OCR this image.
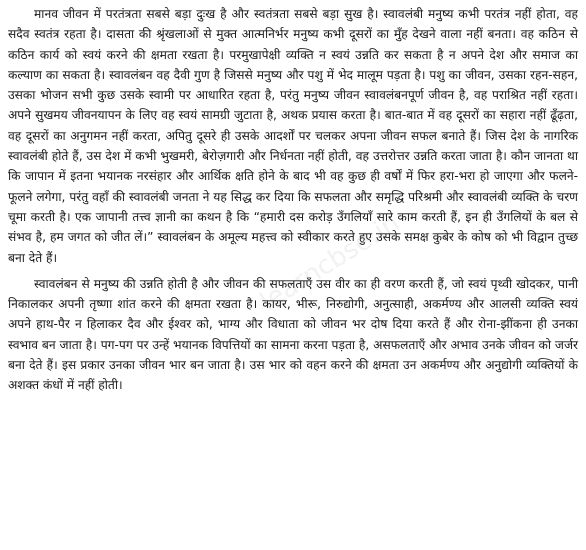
मानव जीवन में परतंत्रता सबसे बड़ा दुःख है और स्वतंत्रता सबसे बड़ा सुख है। स्वावलंबी मनुष्य कभी परतंत्र नहीं होता, वह सदैव स्वतंत्र रहता है। दासता की श्रृंखलाओं से मुक्त आत्मनिर्भर मनुष्य कभी दूसरों का मुँह देखने वाला नहीं बनता। वह कठिन से कठिन कार्य को स्वयं करने की क्षमता रखता है। परमुखापेक्षी व्यक्ति न स्वयं उन्नति कर सकता है न अपने देश और समाज का कल्याण का सकता है। स्वावलंबन वह दैवी गुण है जिससे मनुष्य और पशु में भेद मालूम पड़ता है। पशु का जीवन, उसका रहन-सहन, उसका भोजन सभी कुछ उसके स्वामी पर आधारित रहता है, परंतु मनुष्य जीवन स्वावलंबनपूर्ण जीवन है, वह पराश्रित नहीं रहता। अपने सुखमय जीवनयापन के लिए वह स्वयं सामग्री जुटाता है, अथक प्रयास करता है। बात-बात में वह दूसरों का सहारा नहीं ढूँढ़ता, वह दूसरों का अनुगमन नहीं करता, अपितु दूसरे ही उसके आदर्शों पर चलकर अपना जीवन सफल बनाते हैं। जिस देश के नागरिक स्वावलंबी होते हैं, उस देश में कभी भुखमरी, बेरोज़गारी और निर्धनता नहीं होती, वह उत्तरोत्तर उन्नति करता जाता है। कौन जानता था कि जापान में इतना भयानक नरसंहार और आर्थिक क्षति होने के बाद भी वह कुछ ही वर्षों में फिर हरा-भरा हो जाएगा और फलने-फूलने लगेगा, परंतु वहाँ की स्वावलंबी जनता ने यह सिद्ध कर दिया कि सफलता और समृद्धि परिश्रमी और स्वावलंबी व्यक्ति के चरण चूमा करती है। एक जापानी तत्त्व ज्ञानी का कथन है कि “हमारी दस करोड़ उँगलियाँ सारे काम करती हैं, इन ही उँगलियों के बल से संभव है, हम जगत को जीत लें।” स्वावलंबन के अमूल्य महत्त्व को स्वीकार करते हुए उसके समक्ष कुबेर के कोष को भी विद्वान तुच्छ बना देते हैं।

स्वावलंबन से मनुष्य की उन्नति होती है और जीवन की सफलताएँ उस वीर का ही वरण करती हैं, जो स्वयं पृथ्वी खोदकर, पानी निकालकर अपनी तृष्णा शांत करने की क्षमता रखता है। कायर, भीरू, निरुद्योगी, अनुत्साही, अकर्मण्य और आलसी व्यक्ति स्वयं अपने हाथ-पैर न हिलाकर दैव और ईश्वर को, भाग्य और विधाता को जीवन भर दोष दिया करते हैं और रोना-झींकना ही उनका स्वभाव बन जाता है। पग-पग पर उन्हें भयानक विपत्तियों का सामना करना पड़ता है, असफलताएँ और अभाव उनके जीवन को जर्जर बना देते हैं। इस प्रकार उनका जीवन भार बन जाता है। उस भार को वहन करने की क्षमता उन अकर्मण्य और अनुद्योगी व्यक्तियों के अशक्त कंधों में नहीं होती।

learncbse.in
